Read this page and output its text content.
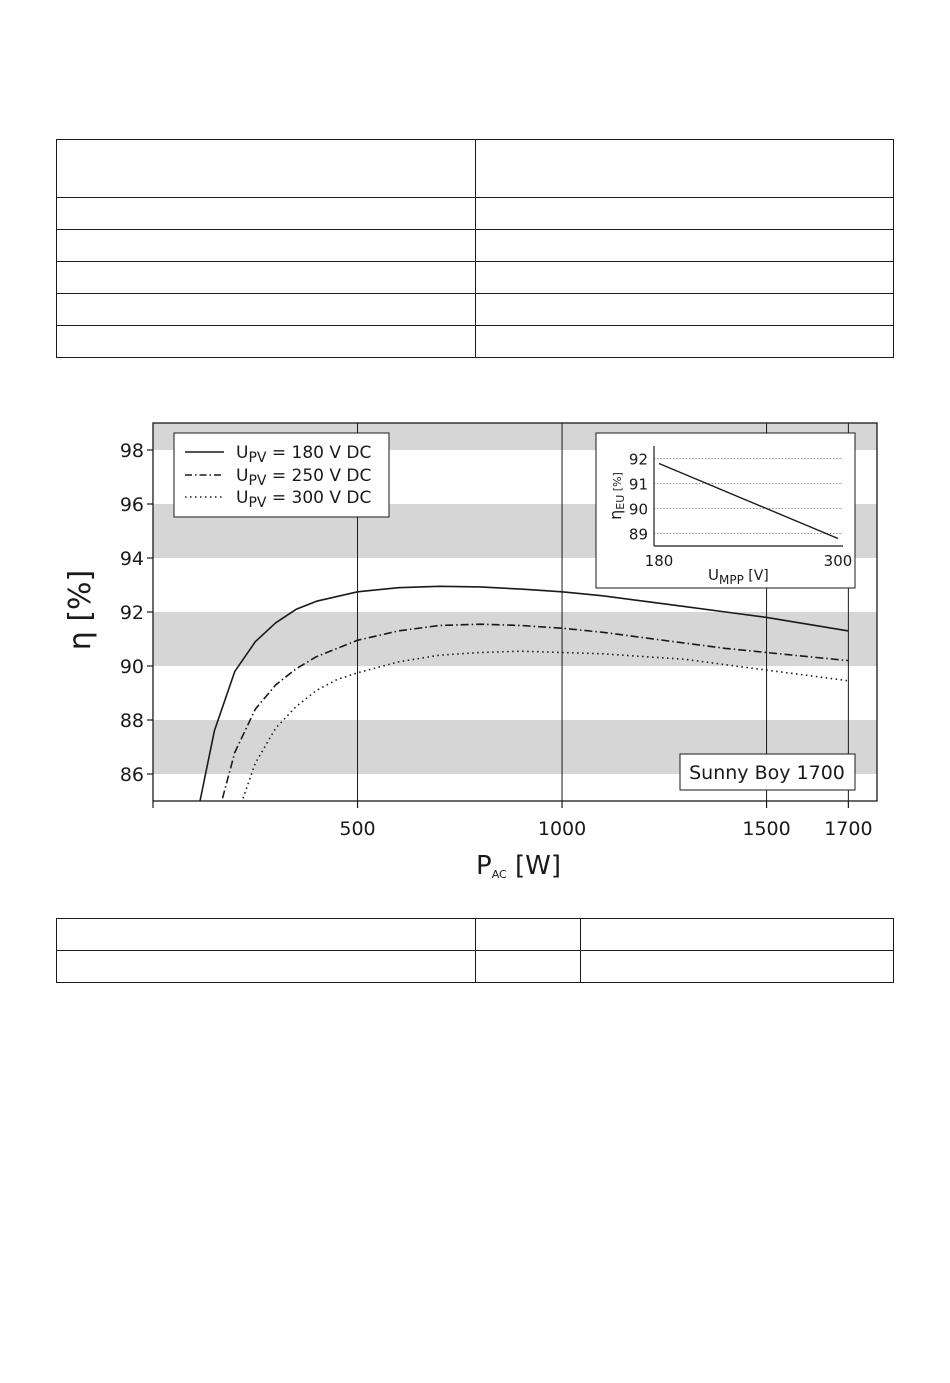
86
88
90
92
94
96
98
500	1000	1500 1700
η [%]
PAC [W]
$U_{PV} = 180$ V DC
$U_{PV} = 250$ V DC
$U_{PV} = 300$ V DC
Sunny Boy 1700
89
91
90
92
180	300
$U_{MPP}$ [V]
ηEU [%]
